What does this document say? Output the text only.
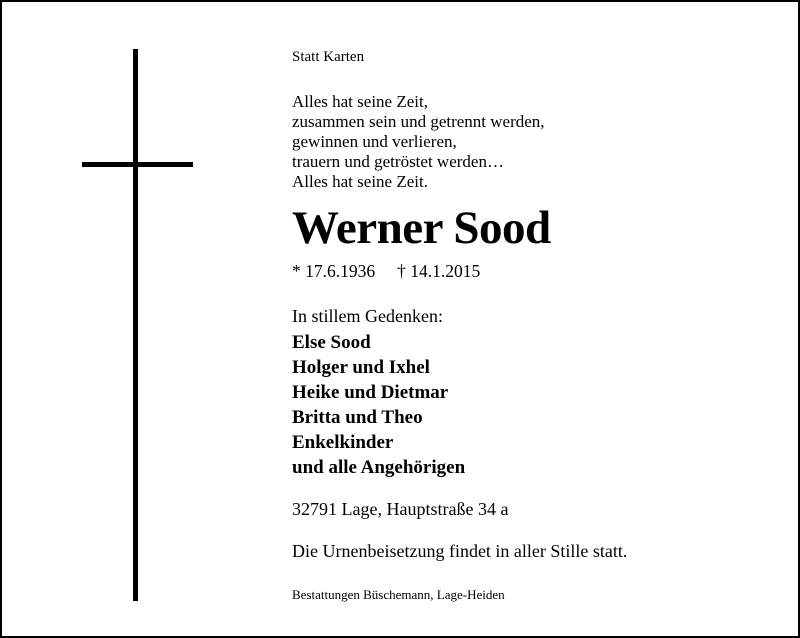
Statt Karten
Alles hat seine Zeit,
zusammen sein und getrennt werden,
gewinnen und verlieren,
trauern und getröstet werden…
Alles hat seine Zeit.
Werner Sood
* 17.6.1936 † 14.1.2015
In stillem Gedenken:
Else Sood
Holger und Ixhel
Heike und Dietmar
Britta und Theo
Enkelkinder
und alle Angehörigen
32791 Lage, Hauptstraße 34 a
Die Urnenbeisetzung findet in aller Stille statt.
Bestattungen Büschemann, Lage-Heiden
